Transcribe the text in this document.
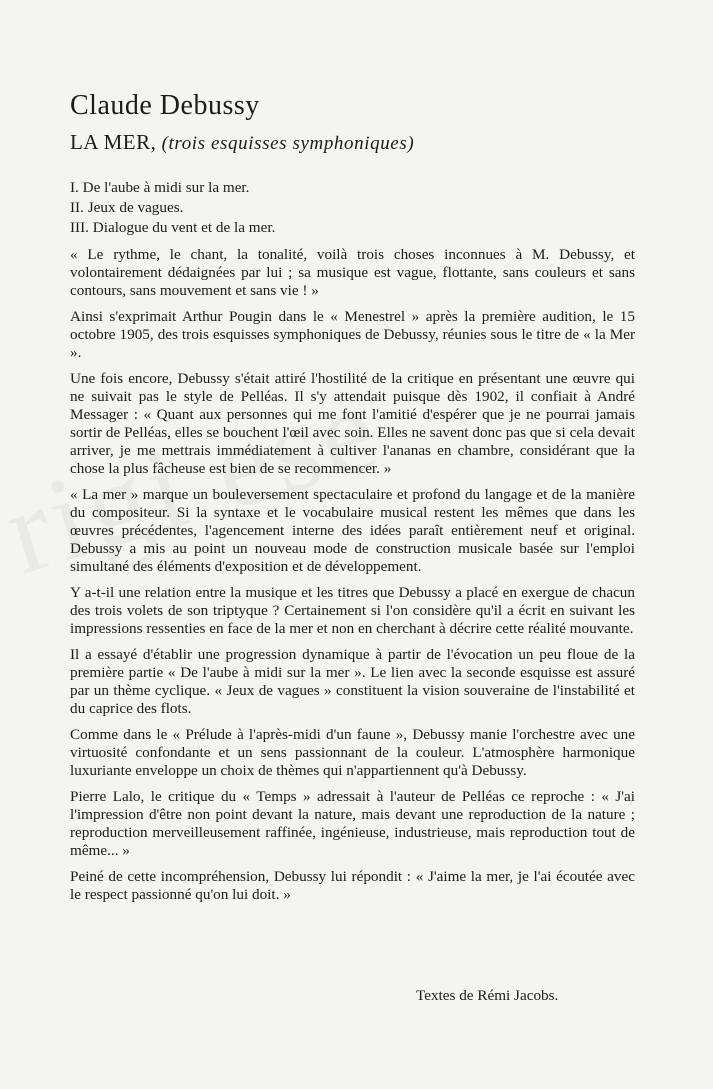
Claude Debussy
LA MER, (trois esquisses symphoniques)
I. De l'aube à midi sur la mer.
II. Jeux de vagues.
III. Dialogue du vent et de la mer.

« Le rythme, le chant, la tonalité, voilà trois choses inconnues à M. Debussy, et volontairement dédaignées par lui ; sa musique est vague, flottante, sans couleurs et sans contours, sans mouvement et sans vie ! »

Ainsi s'exprimait Arthur Pougin dans le « Menestrel » après la première audition, le 15 octobre 1905, des trois esquisses symphoniques de Debussy, réunies sous le titre de « la Mer ».

Une fois encore, Debussy s'était attiré l'hostilité de la critique en présentant une œuvre qui ne suivait pas le style de Pelléas. Il s'y attendait puisque dès 1902, il confiait à André Messager : « Quant aux personnes qui me font l'amitié d'espérer que je ne pourrai jamais sortir de Pelléas, elles se bouchent l'œil avec soin. Elles ne savent donc pas que si cela devait arriver, je me mettrais immédiatement à cultiver l'ananas en chambre, considérant que la chose la plus fâcheuse est bien de se recommencer. »

« La mer » marque un bouleversement spectaculaire et profond du langage et de la manière du compositeur. Si la syntaxe et le vocabulaire musical restent les mêmes que dans les œuvres précédentes, l'agencement interne des idées paraît entièrement neuf et original. Debussy a mis au point un nouveau mode de construction musicale basée sur l'emploi simultané des éléments d'exposition et de développement.

Y a-t-il une relation entre la musique et les titres que Debussy a placé en exergue de chacun des trois volets de son triptyque ? Certainement si l'on considère qu'il a écrit en suivant les impressions ressenties en face de la mer et non en cherchant à décrire cette réalité mouvante.

Il a essayé d'établir une progression dynamique à partir de l'évocation un peu floue de la première partie « De l'aube à midi sur la mer ». Le lien avec la seconde esquisse est assuré par un thème cyclique. « Jeux de vagues » constituent la vision souveraine de l'instabilité et du caprice des flots.

Comme dans le « Prélude à l'après-midi d'un faune », Debussy manie l'orchestre avec une virtuosité confondante et un sens passionnant de la couleur. L'atmosphère harmonique luxuriante enveloppe un choix de thèmes qui n'appartiennent qu'à Debussy.

Pierre Lalo, le critique du « Temps » adressait à l'auteur de Pelléas ce reproche : « J'ai l'impression d'être non point devant la nature, mais devant une reproduction de la nature ; reproduction merveilleusement raffinée, ingénieuse, industrieuse, mais reproduction tout de même... »

Peiné de cette incompréhension, Debussy lui répondit : « J'aime la mer, je l'ai écoutée avec le respect passionné qu'on lui doit. »

Textes de Rémi Jacobs.
